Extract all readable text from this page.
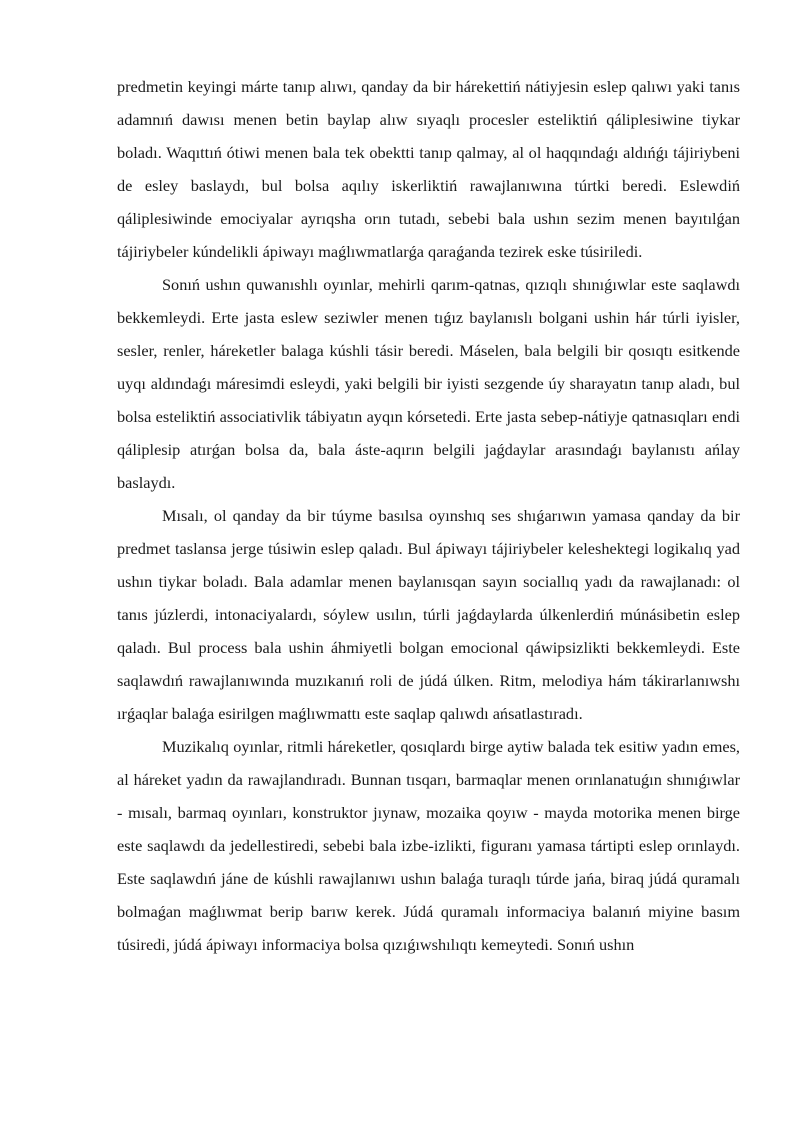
predmetin keyingi márte tanıp alıwı, qanday da bir hárekettiń nátiyjesin eslep qalıwı yaki tanıs adamnıń dawısı menen betin baylap alıw sıyaqlı procesler esteliktiń qáliplesiwine tiykar boladı. Waqıttıń ótiwi menen bala tek obektti tanıp qalmay, al ol haqqındaǵı aldıńǵı tájiriybeni de esley baslaydı, bul bolsa aqılıy iskerliktiń rawajlanıwına túrtki beredi. Eslewdiń qáliplesiwinde emociyalar ayrıqsha orın tutadı, sebebi bala ushın sezim menen bayıtılǵan tájiriybeler kúndelikli ápiwayı maǵlıwmatlarǵa qaraǵanda tezirek eske túsiriledi.

Sonıń ushın quwanıshlı oyınlar, mehirli qarım-qatnas, qızıqlı shınıǵıwlar este saqlawdı bekkemleydi. Erte jasta eslew seziwler menen tıǵız baylanıslı bolgani ushin hár túrli iyisler, sesler, renler, háreketler balaga kúshli tásir beredi. Máselen, bala belgili bir qosıqtı esitkende uyqı aldındaǵı máresimdi esleydi, yaki belgili bir iyisti sezgende úy sharayatın tanıp aladı, bul bolsa esteliktiń associativlik tábiyatın ayqın kórsetedi. Erte jasta sebep-nátiyje qatnasıqları endi qáliplesip atırǵan bolsa da, bala áste-aqırın belgili jaǵdaylar arasındaǵı baylanıstı ańlay baslaydı.

Mısalı, ol qanday da bir túyme basılsa oyınshıq ses shıǵarıwın yamasa qanday da bir predmet taslansa jerge túsiwin eslep qaladı. Bul ápiwayı tájiriybeler keleshektegi logikalıq yad ushın tiykar boladı. Bala adamlar menen baylanısqan sayın sociallıq yadı da rawajlanadı: ol tanıs júzlerdi, intonaciyalardı, sóylew usılın, túrli jaǵdaylarda úlkenlerdiń múnásibetin eslep qaladı. Bul process bala ushin áhmiyetli bolgan emocional qáwipsizlikti bekkemleydi. Este saqlawdıń rawajlanıwında muzıkanıń roli de júdá úlken. Ritm, melodiya hám tákirarlanıwshı ırǵaqlar balaǵa esirilgen maǵlıwmattı este saqlap qalıwdı ańsatlastıradı.

Muzikalıq oyınlar, ritmli háreketler, qosıqlardı birge aytiw balada tek esitiw yadın emes, al háreket yadın da rawajlandıradı. Bunnan tısqarı, barmaqlar menen orınlanatuǵın shınıǵıwlar - mısalı, barmaq oyınları, konstruktor jıynaw, mozaika qoyıw - mayda motorika menen birge este saqlawdı da jedellestiredi, sebebi bala izbe-izlikti, figuranı yamasa tártipti eslep orınlaydı. Este saqlawdıń jáne de kúshli rawajlanıwı ushın balaǵa turaqlı túrde jańa, biraq júdá quramalı bolmaǵan maǵlıwmat berip barıw kerek. Júdá quramalı informaciya balanıń miyine basım túsiredi, júdá ápiwayı informaciya bolsa qızıǵıwshılıqtı kemeytedi. Sonıń ushın
